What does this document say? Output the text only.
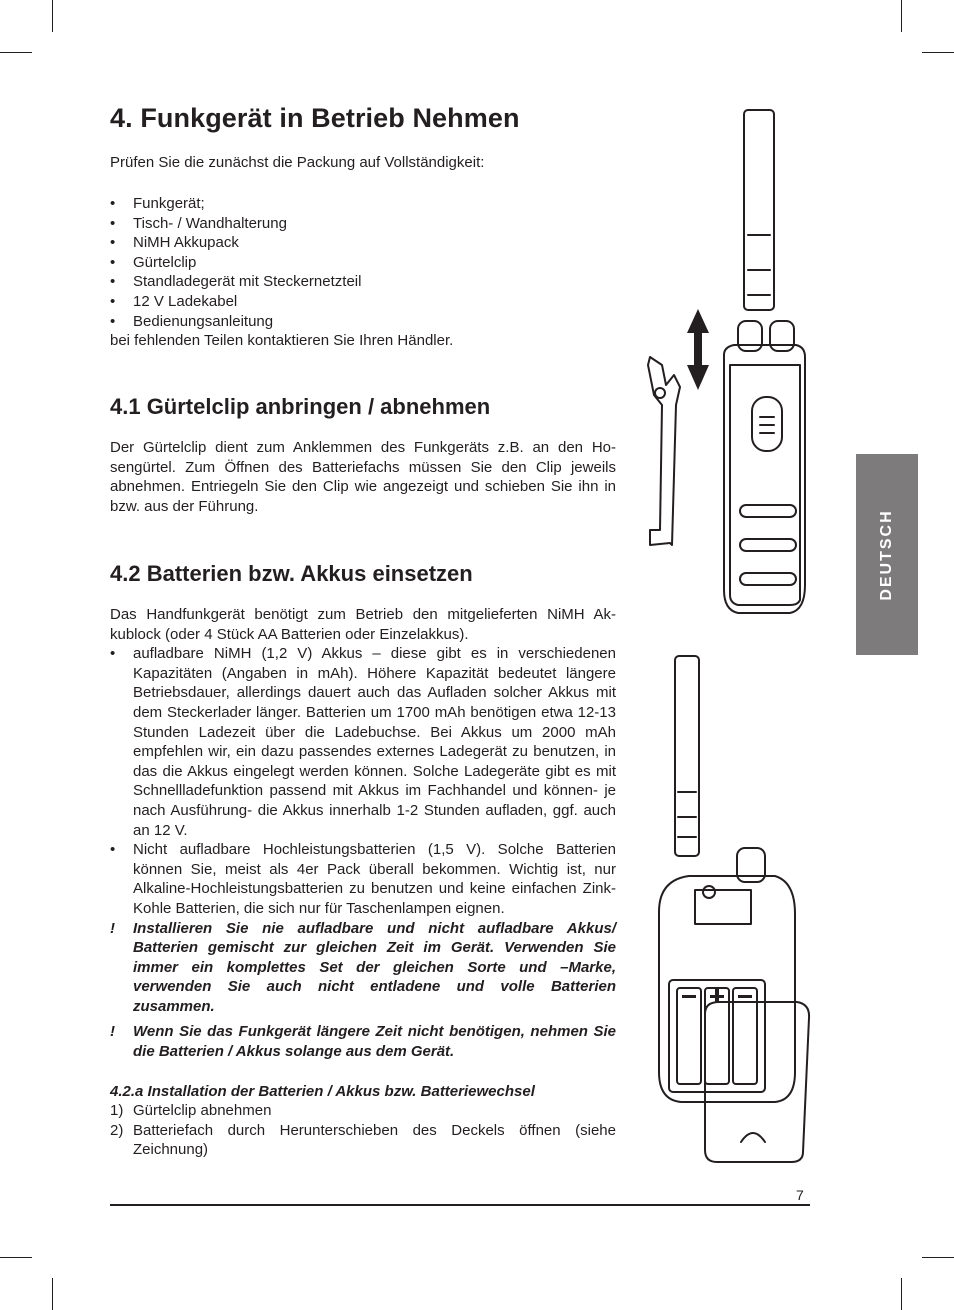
4. Funkgerät in Betrieb Nehmen

Prüfen Sie die zunächst die Packung auf Vollständigkeit:

• Funkgerät;
• Tisch- / Wandhalterung
• NiMH Akkupack
• Gürtelclip
• Standladegerät mit Steckernetzteil
• 12 V Ladekabel
• Bedienungsanleitung
bei fehlenden Teilen kontaktieren Sie Ihren Händler.
4.1 Gürtelclip anbringen / abnehmen

Der Gürtelclip dient zum Anklemmen des Funkgeräts z.B. an den Ho-sengürtel. Zum Öffnen des Batteriefachs müssen Sie den Clip jeweils abnehmen. Entriegeln Sie den Clip wie angezeigt und schieben Sie ihn in bzw. aus der Führung.

4.2 Batterien bzw. Akkus einsetzen
Das Handfunkgerät benötigt zum Betrieb den mitgelieferten NiMH Ak-kublock (oder 4 Stück AA Batterien oder Einzelakkus).
• aufladbare NiMH (1,2 V) Akkus – diese gibt es in verschiedenen Kapazitäten (Angaben in mAh). Höhere Kapazität bedeutet längere Betriebsdauer, allerdings dauert auch das Aufladen solcher Akkus mit dem Steckerlader länger. Batterien um 1700 mAh benötigen etwa 12-13 Stunden Ladezeit über die Ladebuchse. Bei Akkus um 2000 mAh empfehlen wir, ein dazu passendes externes Ladegerät zu benutzen, in das die Akkus eingelegt werden können. Solche Ladegeräte gibt es mit Schnellladefunktion passend mit Akkus im Fachhandel und können- je nach Ausführung- die Akkus innerhalb 1-2 Stunden aufladen, ggf. auch an 12 V.
• Nicht aufladbare Hochleistungsbatterien (1,5 V). Solche Batterien können Sie, meist als 4er Pack überall bekommen. Wichtig ist, nur Alkaline-Hochleistungsbatterien zu benutzen und keine einfachen Zink-Kohle Batterien, die sich nur für Taschenlampen eignen.
! Installieren Sie nie aufladbare und nicht aufladbare Akkus/ Batterien gemischt zur gleichen Zeit im Gerät. Verwenden Sie immer ein komplettes Set der gleichen Sorte und –Marke, verwenden Sie auch nicht entladene und volle Batterien zusammen.
! Wenn Sie das Funkgerät längere Zeit nicht benötigen, nehmen Sie die Batterien / Akkus solange aus dem Gerät.
4.2.a Installation der Batterien / Akkus bzw. Batteriewechsel
1) Gürtelclip abnehmen
2) Batteriefach durch Herunterschieben des Deckels öffnen (siehe Zeichnung)
DEUTSCH
7
